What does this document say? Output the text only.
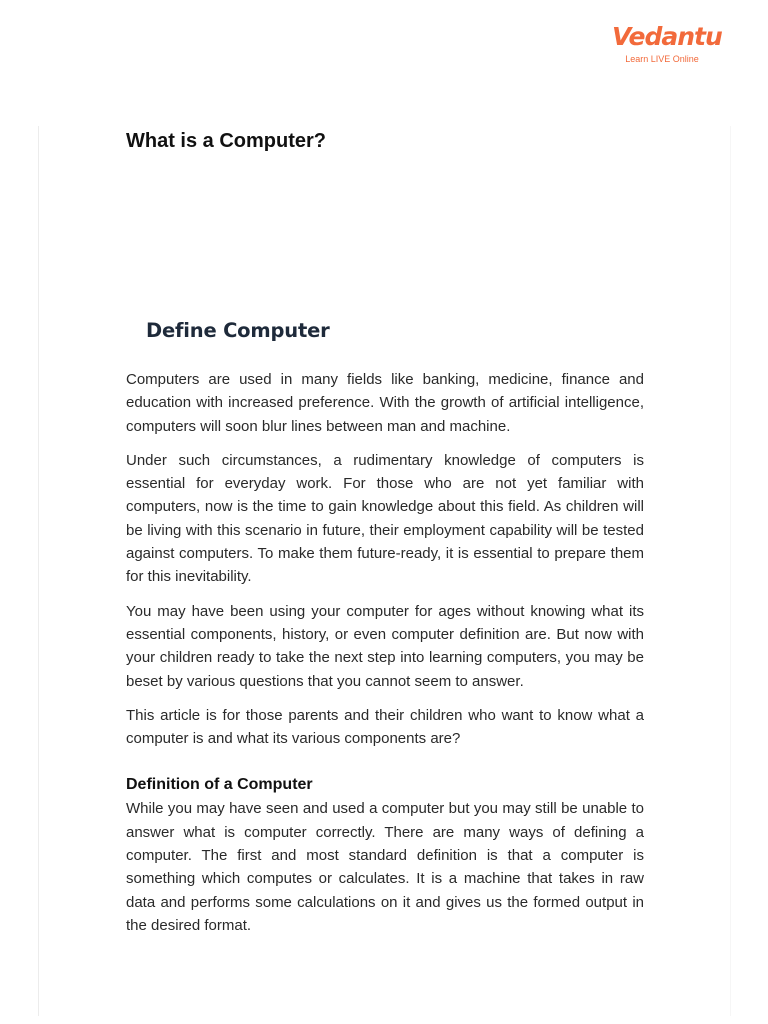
Vedantu
Learn LIVE Online
What is a Computer?
Define Computer

Computers are used in many fields like banking, medicine, finance and education with increased preference. With the growth of artificial intelligence, computers will soon blur lines between man and machine.

Under such circumstances, a rudimentary knowledge of computers is essential for everyday work. For those who are not yet familiar with computers, now is the time to gain knowledge about this field. As children will be living with this scenario in future, their employment capability will be tested against computers. To make them future-ready, it is essential to prepare them for this inevitability.

You may have been using your computer for ages without knowing what its essential components, history, or even computer definition are. But now with your children ready to take the next step into learning computers, you may be beset by various questions that you cannot seem to answer.

This article is for those parents and their children who want to know what a computer is and what its various components are?

Definition of a Computer

While you may have seen and used a computer but you may still be unable to answer what is computer correctly. There are many ways of defining a computer. The first and most standard definition is that a computer is something which computes or calculates. It is a machine that takes in raw data and performs some calculations on it and gives us the formed output in the desired format.
